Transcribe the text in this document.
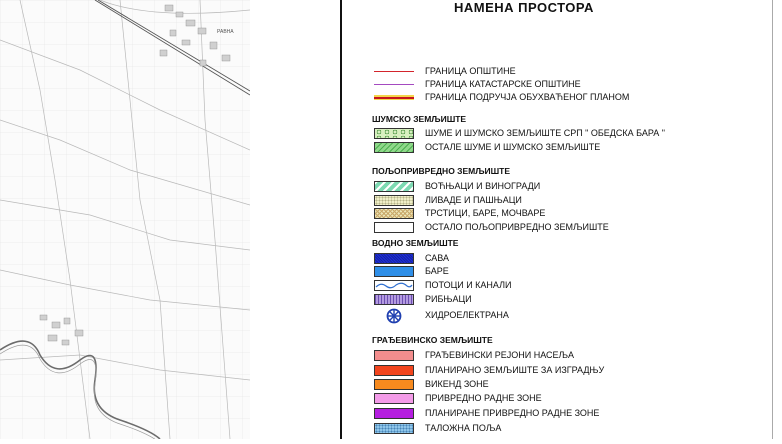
РАВНА
НАМЕНА ПРОСТОРА
ГРАНИЦА ОПШТИНЕ
ГРАНИЦА КАТАСТАРСКЕ ОПШТИНЕ
ГРАНИЦА ПОДРУЧЈА ОБУХВАЋЕНОГ ПЛАНОМ
ШУМСКО ЗЕМЉИШТЕ
ШУМЕ И ШУМСКО ЗЕМЉИШТЕ СРП " ОБЕДСКА БАРА "
ОСТАЛЕ ШУМЕ И ШУМСКО ЗЕМЉИШТЕ
ПОЉОПРИВРЕДНО ЗЕМЉИШТЕ
ВОЋЊАЦИ И ВИНОГРАДИ
ЛИВАДЕ И ПАШЊАЦИ
ТРСТИЦИ, БАРЕ, МОЧВАРЕ
ОСТАЛО ПОЉОПРИВРЕДНО ЗЕМЉИШТЕ
ВОДНО ЗЕМЉИШТЕ
САВА
БАРЕ
ПОТОЦИ И КАНАЛИ
РИБЊАЦИ
ХИДРОЕЛЕКТРАНА
ГРАЂЕВИНСКО ЗЕМЉИШТЕ
ГРАЂЕВИНСКИ РЕЈОНИ НАСЕЉА
ПЛАНИРАНО ЗЕМЉИШТЕ ЗА ИЗГРАДЊУ
ВИКЕНД ЗОНЕ
ПРИВРЕДНО РАДНЕ ЗОНЕ
ПЛАНИРАНЕ ПРИВРЕДНО РАДНЕ ЗОНЕ
ТАЛОЖНА ПОЉА
